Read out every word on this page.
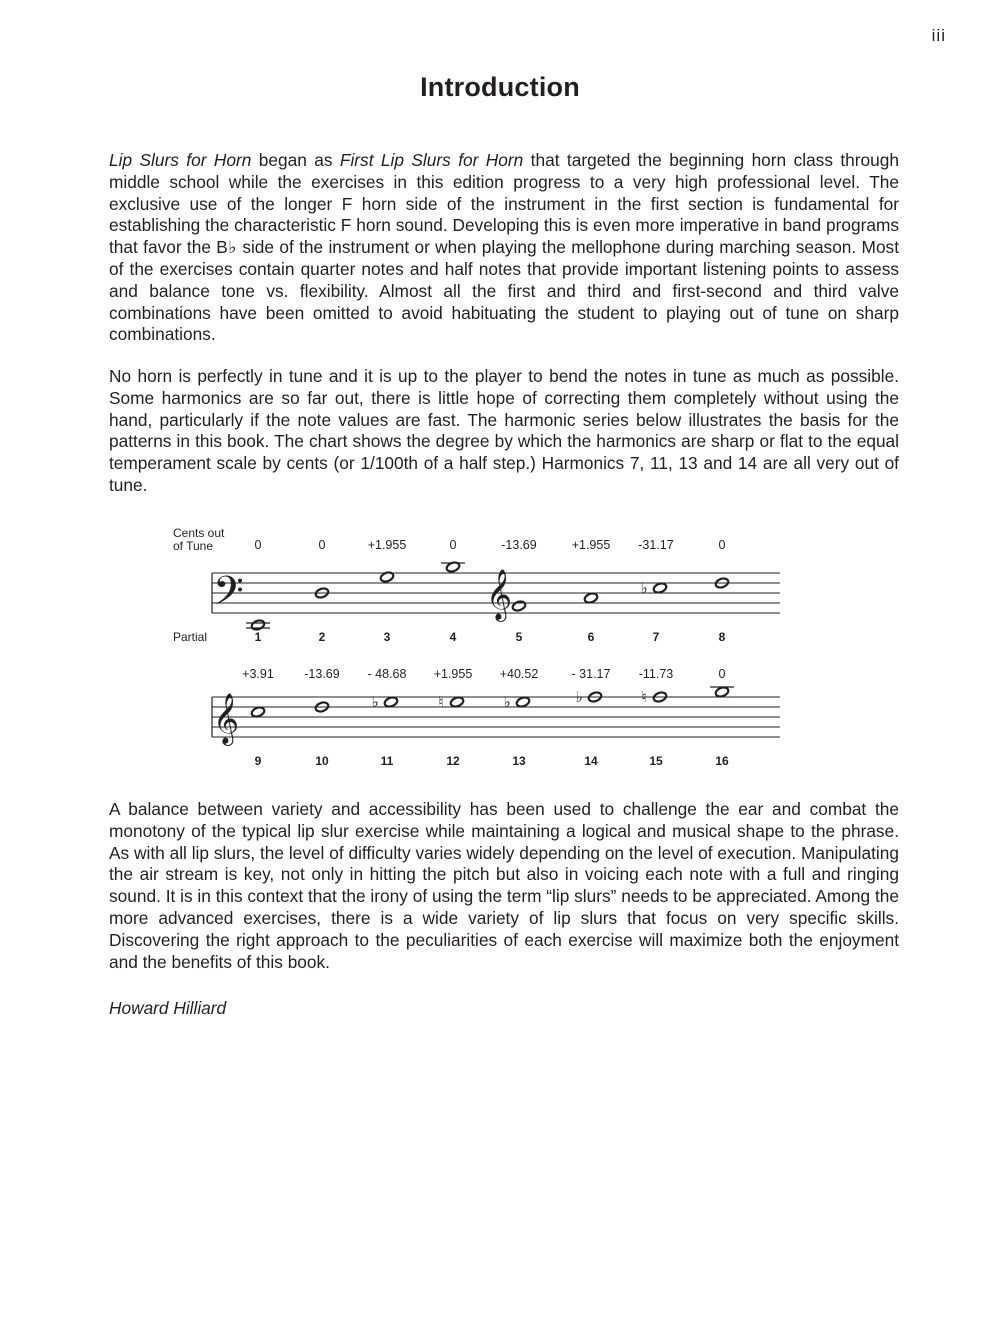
iii
Introduction

Lip Slurs for Horn began as First Lip Slurs for Horn that targeted the beginning horn class through middle school while the exercises in this edition progress to a very high professional level. The exclusive use of the longer F horn side of the instrument in the first section is fundamental for establishing the characteristic F horn sound. Developing this is even more imperative in band programs that favor the B♭ side of the instrument or when playing the mellophone during marching season. Most of the exercises contain quarter notes and half notes that provide important listening points to assess and balance tone vs. flexibility. Almost all the first and third and first-second and third valve combinations have been omitted to avoid habituating the student to playing out of tune on sharp combinations.

No horn is perfectly in tune and it is up to the player to bend the notes in tune as much as possible. Some harmonics are so far out, there is little hope of correcting them completely without using the hand, particularly if the note values are fast. The harmonic series below illustrates the basis for the patterns in this book. The chart shows the degree by which the harmonics are sharp or flat to the equal temperament scale by cents (or 1/100th of a half step.) Harmonics 7, 11, 13 and 14 are all very out of tune.

Cents out
of Tune
Partial
𝄢	𝄞
𝄞
0
1
0
2
+1.955
3
0
4
-13.69
5
+1.955
6
-31.17
7
♭
0
8
+3.91
9
-13.69
10
- 48.68
11
♭
+1.955
12
♮
+40.52
13
♭
- 31.17
14
♭
-11.73
15
♮
0
16

A balance between variety and accessibility has been used to challenge the ear and combat the monotony of the typical lip slur exercise while maintaining a logical and musical shape to the phrase. As with all lip slurs, the level of difficulty varies widely depending on the level of execution. Manipulating the air stream is key, not only in hitting the pitch but also in voicing each note with a full and ringing sound. It is in this context that the irony of using the term “lip slurs” needs to be appreciated. Among the more advanced exercises, there is a wide variety of lip slurs that focus on very specific skills. Discovering the right approach to the peculiarities of each exercise will maximize both the enjoyment and the benefits of this book.

Howard Hilliard
